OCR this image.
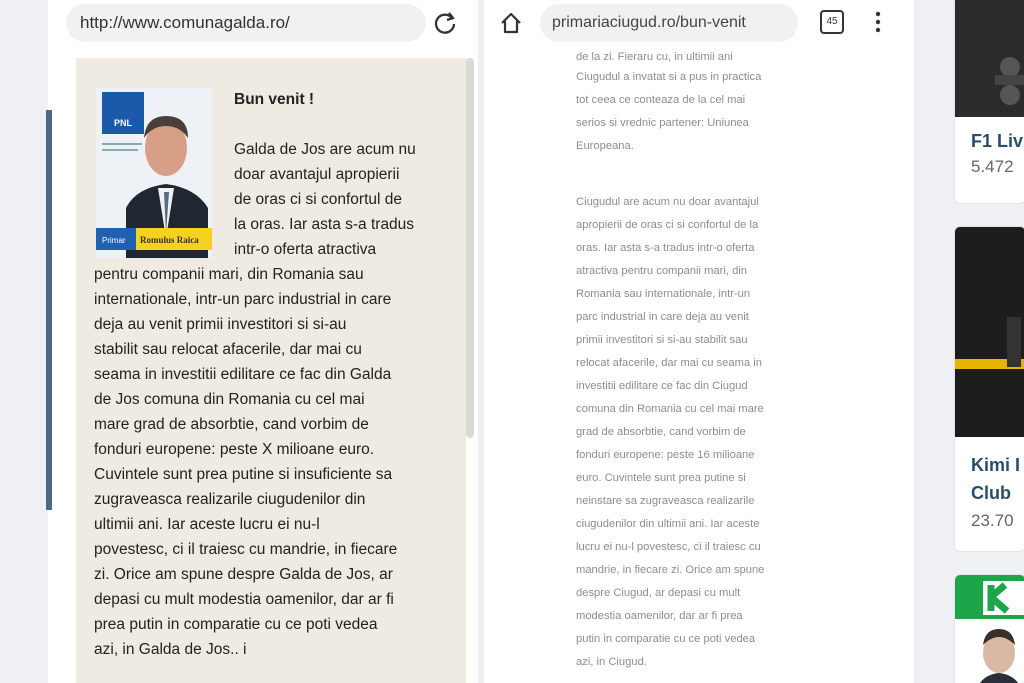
http://www.comunagalda.ro/
PNL
Primar Romulus Raica
Bun venit !
Galda de Jos are acum nu
doar avantajul apropierii
de oras ci si confortul de
la oras. Iar asta s-a tradus
intr-o oferta atractiva
pentru companii mari, din Romania sau
internationale, intr-un parc industrial in care
deja au venit primii investitori si si-au
stabilit sau relocat afacerile, dar mai cu
seama in investitii edilitare ce fac din Galda
de Jos comuna din Romania cu cel mai
mare grad de absorbtie, cand vorbim de
fonduri europene: peste X milioane euro.
Cuvintele sunt prea putine si insuficiente sa
zugraveasca realizarile ciugudenilor din
ultimii ani. Iar aceste lucru ei nu-l
povestesc, ci il traiesc cu mandrie, in fiecare
zi. Orice am spune despre Galda de Jos, ar
depasi cu mult modestia oamenilor, dar ar fi
prea putin in comparatie cu ce poti vedea
azi, in Galda de Jos.. i
primariaciugud.ro/bun-venit	45
de la zi. Fieraru cu, in ultimii ani
Ciugudul a invatat si a pus in practica
tot ceea ce conteaza de la cel mai
serios si vrednic partener: Uniunea
Europeana.
Ciugudul are acum nu doar avantajul
apropierii de oras ci si confortul de la
oras. Iar asta s-a tradus intr-o oferta
atractiva pentru companii mari, din
Romania sau internationale, intr-un
parc industrial in care deja au venit
primii investitori si si-au stabilit sau
relocat afacerile, dar mai cu seama in
investitii edilitare ce fac din Ciugud
comuna din Romania cu cel mai mare
grad de absorbtie, cand vorbim de
fonduri europene: peste 16 milioane
euro. Cuvintele sunt prea putine si
neinstare sa zugraveasca realizarile
ciugudenilor din ultimii ani. Iar aceste
lucru ei nu-l povestesc, ci il traiesc cu
mandrie, in fiecare zi. Orice am spune
despre Ciugud, ar depasi cu mult
modestia oamenilor, dar ar fi prea
putin in comparatie cu ce poti vedea
azi, in Ciugud.
F1 Liv
5.472
Kimi I
Club
23.70
